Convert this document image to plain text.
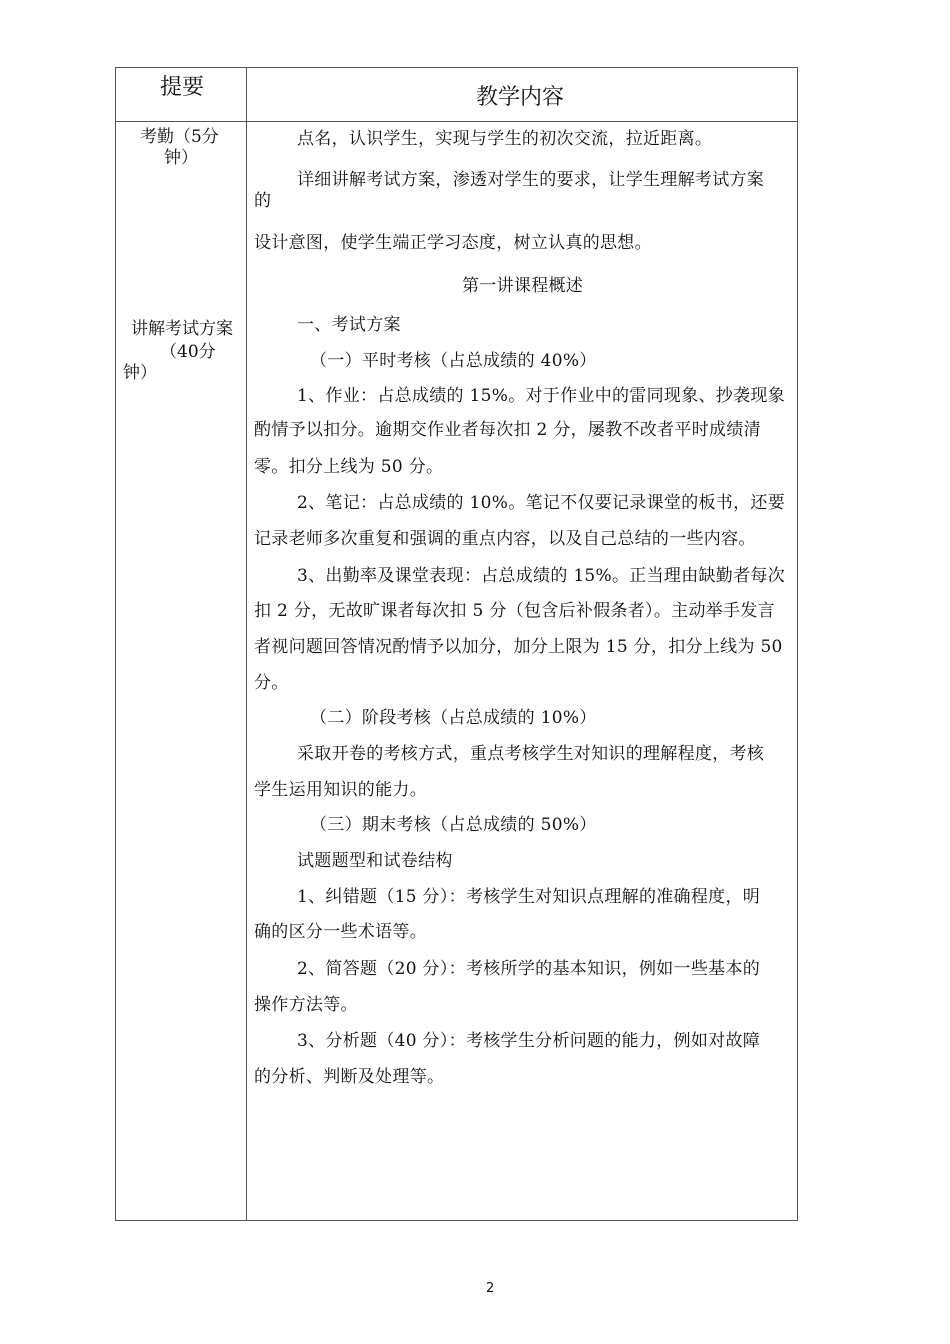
提要	教学内容
考勤（5分
钟）
讲解考试方案
（40分
钟）
点名，认识学生，实现与学生的初次交流，拉近距离。
详细讲解考试方案，渗透对学生的要求，让学生理解考试方案
的
设计意图，使学生端正学习态度，树立认真的思想。
第一讲课程概述
一、考试方案
（一）平时考核（占总成绩的 40%）
1、作业：占总成绩的 15%。对于作业中的雷同现象、抄袭现象
酌情予以扣分。逾期交作业者每次扣 2 分，屡教不改者平时成绩清
零。扣分上线为 50 分。
2、笔记：占总成绩的 10%。笔记不仅要记录课堂的板书，还要
记录老师多次重复和强调的重点内容，以及自己总结的一些内容。
3、出勤率及课堂表现：占总成绩的 15%。正当理由缺勤者每次
扣 2 分，无故旷课者每次扣 5 分（包含后补假条者）。主动举手发言
者视问题回答情况酌情予以加分，加分上限为 15 分，扣分上线为 50
分。
（二）阶段考核（占总成绩的 10%）
采取开卷的考核方式，重点考核学生对知识的理解程度，考核
学生运用知识的能力。
（三）期末考核（占总成绩的 50%）
试题题型和试卷结构
1、纠错题（15 分）：考核学生对知识点理解的准确程度，明
确的区分一些术语等。
2、简答题（20 分）：考核所学的基本知识，例如一些基本的
操作方法等。
3、分析题（40 分）：考核学生分析问题的能力，例如对故障
的分析、判断及处理等。
2
